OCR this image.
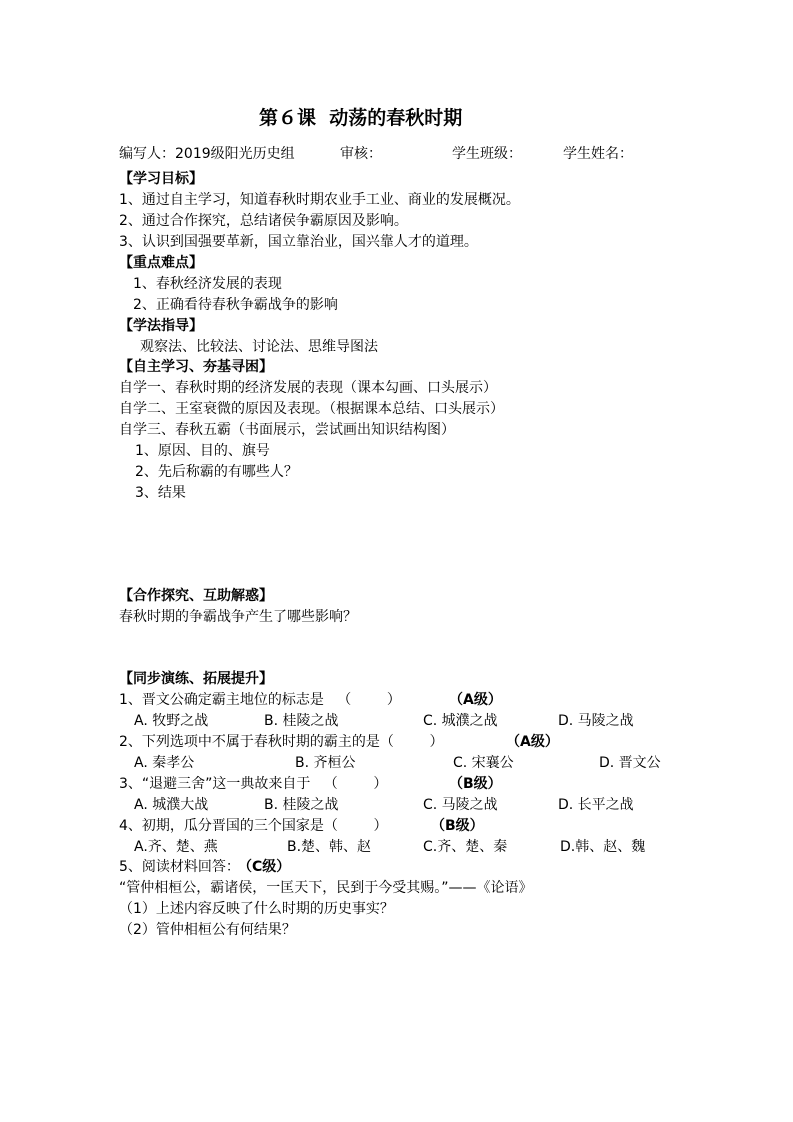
第６课  动荡的春秋时期
编写人：2019级阳光历史组	审核：	学生班级：	学生姓名：
【学习目标】
1、通过自主学习，知道春秋时期农业手工业、商业的发展概况。
2、通过合作探究，总结诸侯争霸原因及影响。
3、认识到国强要革新，国立靠治业，国兴靠人才的道理。
【重点难点】
1、春秋经济发展的表现
2、正确看待春秋争霸战争的影响
【学法指导】
观察法、比较法、讨论法、思维导图法
【自主学习、夯基寻困】
自学一、春秋时期的经济发展的表现（课本勾画、口头展示）
自学二、王室衰微的原因及表现。（根据课本总结、口头展示）
自学三、春秋五霸（书面展示，尝试画出知识结构图）
1、原因、目的、旗号
2、先后称霸的有哪些人？
3、结果
【合作探究、互助解惑】
春秋时期的争霸战争产生了哪些影响？
【同步演练、拓展提升】
1、晋文公确定霸主地位的标志是   （        ）	（A级）
A. 牧野之战	B. 桂陵之战	C. 城濮之战	D. 马陵之战
2、下列选项中不属于春秋时期的霸主的是（        ）	（A级）
A. 秦孝公	B. 齐桓公	C. 宋襄公	D. 晋文公
3、“退避三舍”这一典故来自于   （        ）	（B级）
A. 城濮大战	B. 桂陵之战	C. 马陵之战	D. 长平之战
4、初期，瓜分晋国的三个国家是（        ）	（B级）
A.齐、楚、燕	B.楚、韩、赵	C.齐、楚、秦	D.韩、赵、魏
5、阅读材料回答：
（C级）
“管仲相桓公，霸诸侯，一匡天下，民到于今受其赐。”——《论语》
（1）上述内容反映了什么时期的历史事实？
（2）管仲相桓公有何结果？
